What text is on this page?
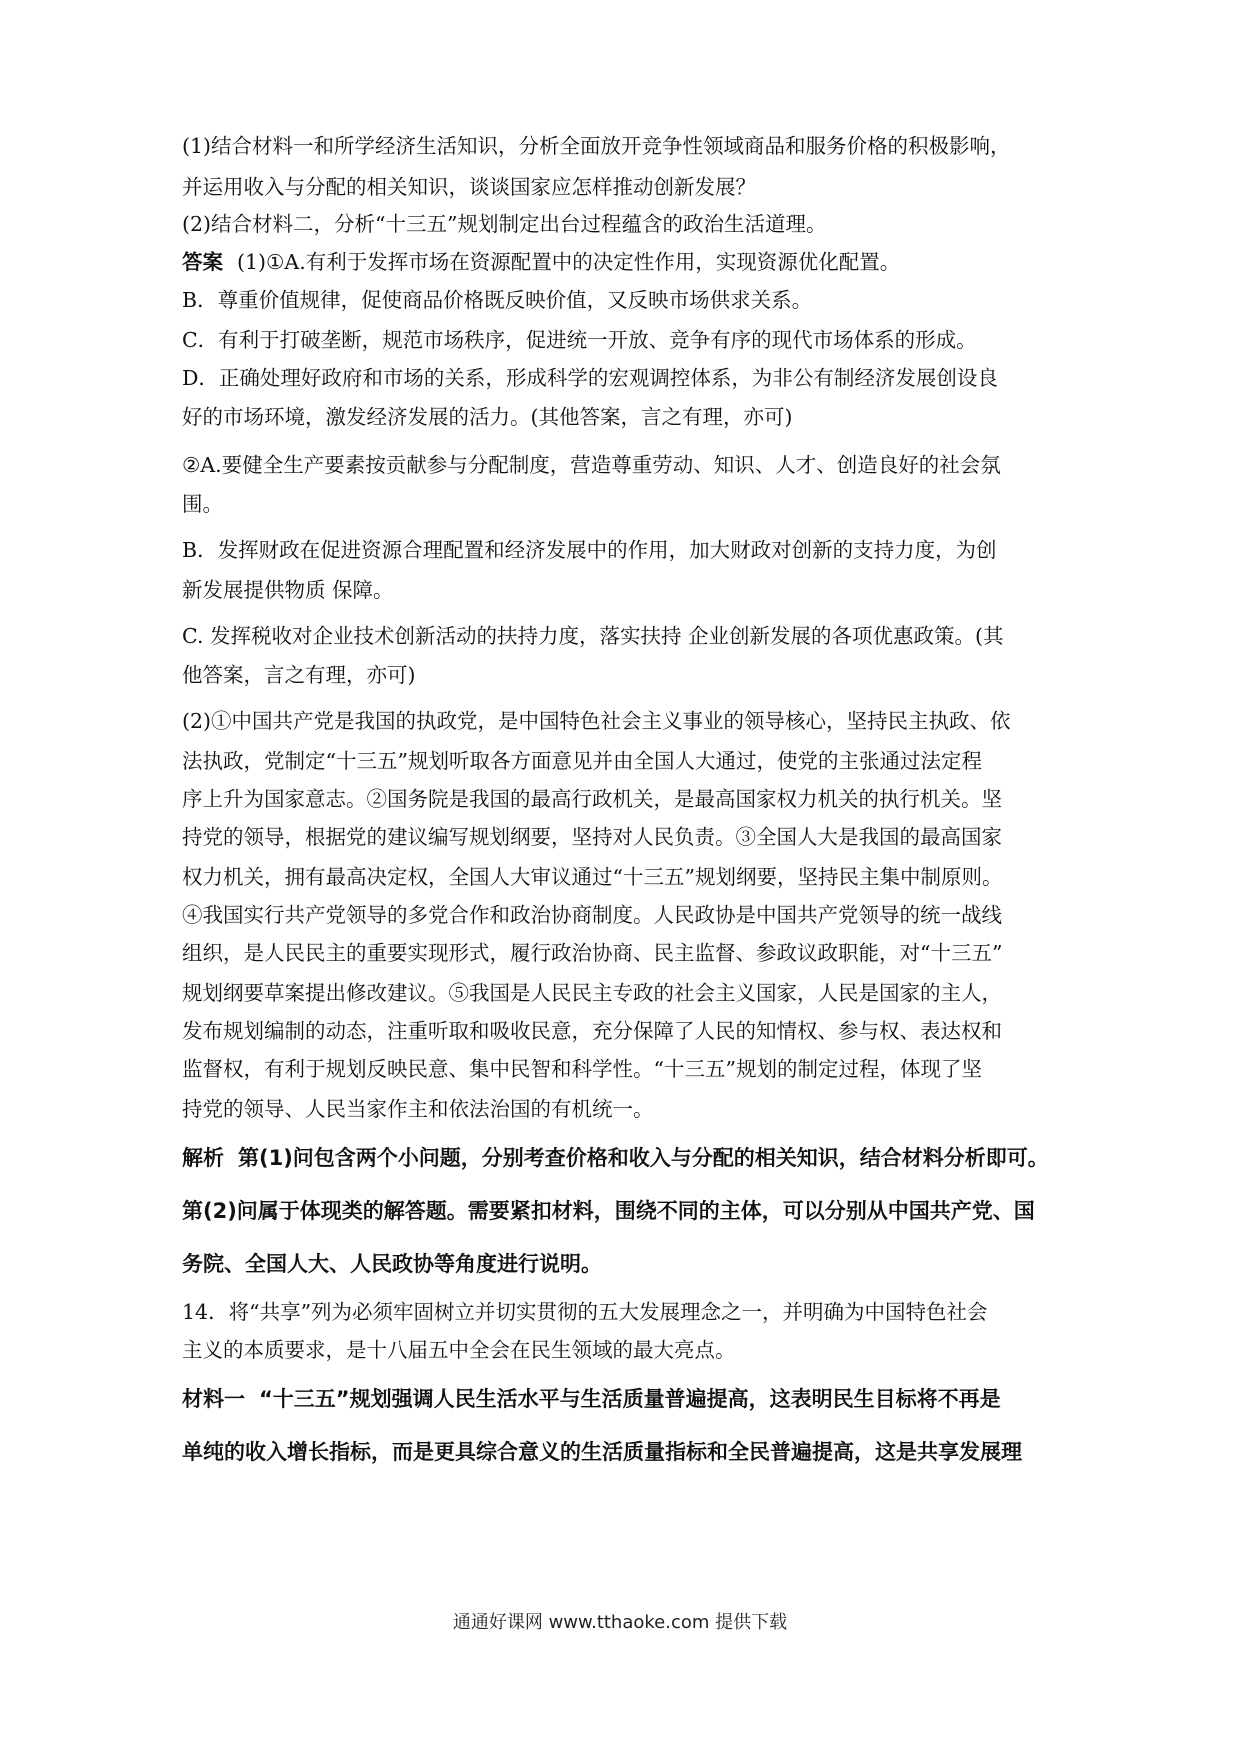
(1)结合材料一和所学经济生活知识，分析全面放开竞争性领域商品和服务价格的积极影响，
并运用收入与分配的相关知识，谈谈国家应怎样推动创新发展？
(2)结合材料二，分析“十三五”规划制定出台过程蕴含的政治生活道理。
答案 (1)①A.有利于发挥市场在资源配置中的决定性作用，实现资源优化配置。
B．尊重价值规律，促使商品价格既反映价值，又反映市场供求关系。
C．有利于打破垄断，规范市场秩序，促进统一开放、竞争有序的现代市场体系的形成。
D．正确处理好政府和市场的关系，形成科学的宏观调控体系，为非公有制经济发展创设良
好的市场环境，激发经济发展的活力。(其他答案，言之有理，亦可)
②A.要健全生产要素按贡献参与分配制度，营造尊重劳动、知识、人才、创造良好的社会氛
围。
B．发挥财政在促进资源合理配置和经济发展中的作用，加大财政对创新的支持力度，为创
新发展提供物质 保障。
C. 发挥税收对企业技术创新活动的扶持力度，落实扶持 企业创新发展的各项优惠政策。(其
他答案，言之有理，亦可)
(2)①中国共产党是我国的执政党，是中国特色社会主义事业的领导核心，坚持民主执政、依
法执政，党制定“十三五”规划听取各方面意见并由全国人大通过，使党的主张通过法定程
序上升为国家意志。②国务院是我国的最高行政机关，是最高国家权力机关的执行机关。坚
持党的领导，根据党的建议编写规划纲要，坚持对人民负责。③全国人大是我国的最高国家
权力机关，拥有最高决定权，全国人大审议通过“十三五”规划纲要，坚持民主集中制原则。
④我国实行共产党领导的多党合作和政治协商制度。人民政协是中国共产党领导的统一战线
组织，是人民民主的重要实现形式，履行政治协商、民主监督、参政议政职能，对“十三五”
规划纲要草案提出修改建议。⑤我国是人民民主专政的社会主义国家，人民是国家的主人，
发布规划编制的动态，注重听取和吸收民意，充分保障了人民的知情权、参与权、表达权和
监督权，有利于规划反映民意、集中民智和科学性。“十三五”规划的制定过程，体现了坚
持党的领导、人民当家作主和依法治国的有机统一。
解析 第(1)问包含两个小问题，分别考查价格和收入与分配的相关知识，结合材料分析即可。
第(2)问属于体现类的解答题。需要紧扣材料，围绕不同的主体，可以分别从中国共产党、国
务院、全国人大、人民政协等角度进行说明。
14．将“共享”列为必须牢固树立并切实贯彻的五大发展理念之一，并明确为中国特色社会
主义的本质要求，是十八届五中全会在民生领域的最大亮点。
材料一 “十三五”规划强调人民生活水平与生活质量普遍提高，这表明民生目标将不再是
单纯的收入增长指标，而是更具综合意义的生活质量指标和全民普遍提高，这是共享发展理
通通好课网 www.tthaoke.com 提供下载
